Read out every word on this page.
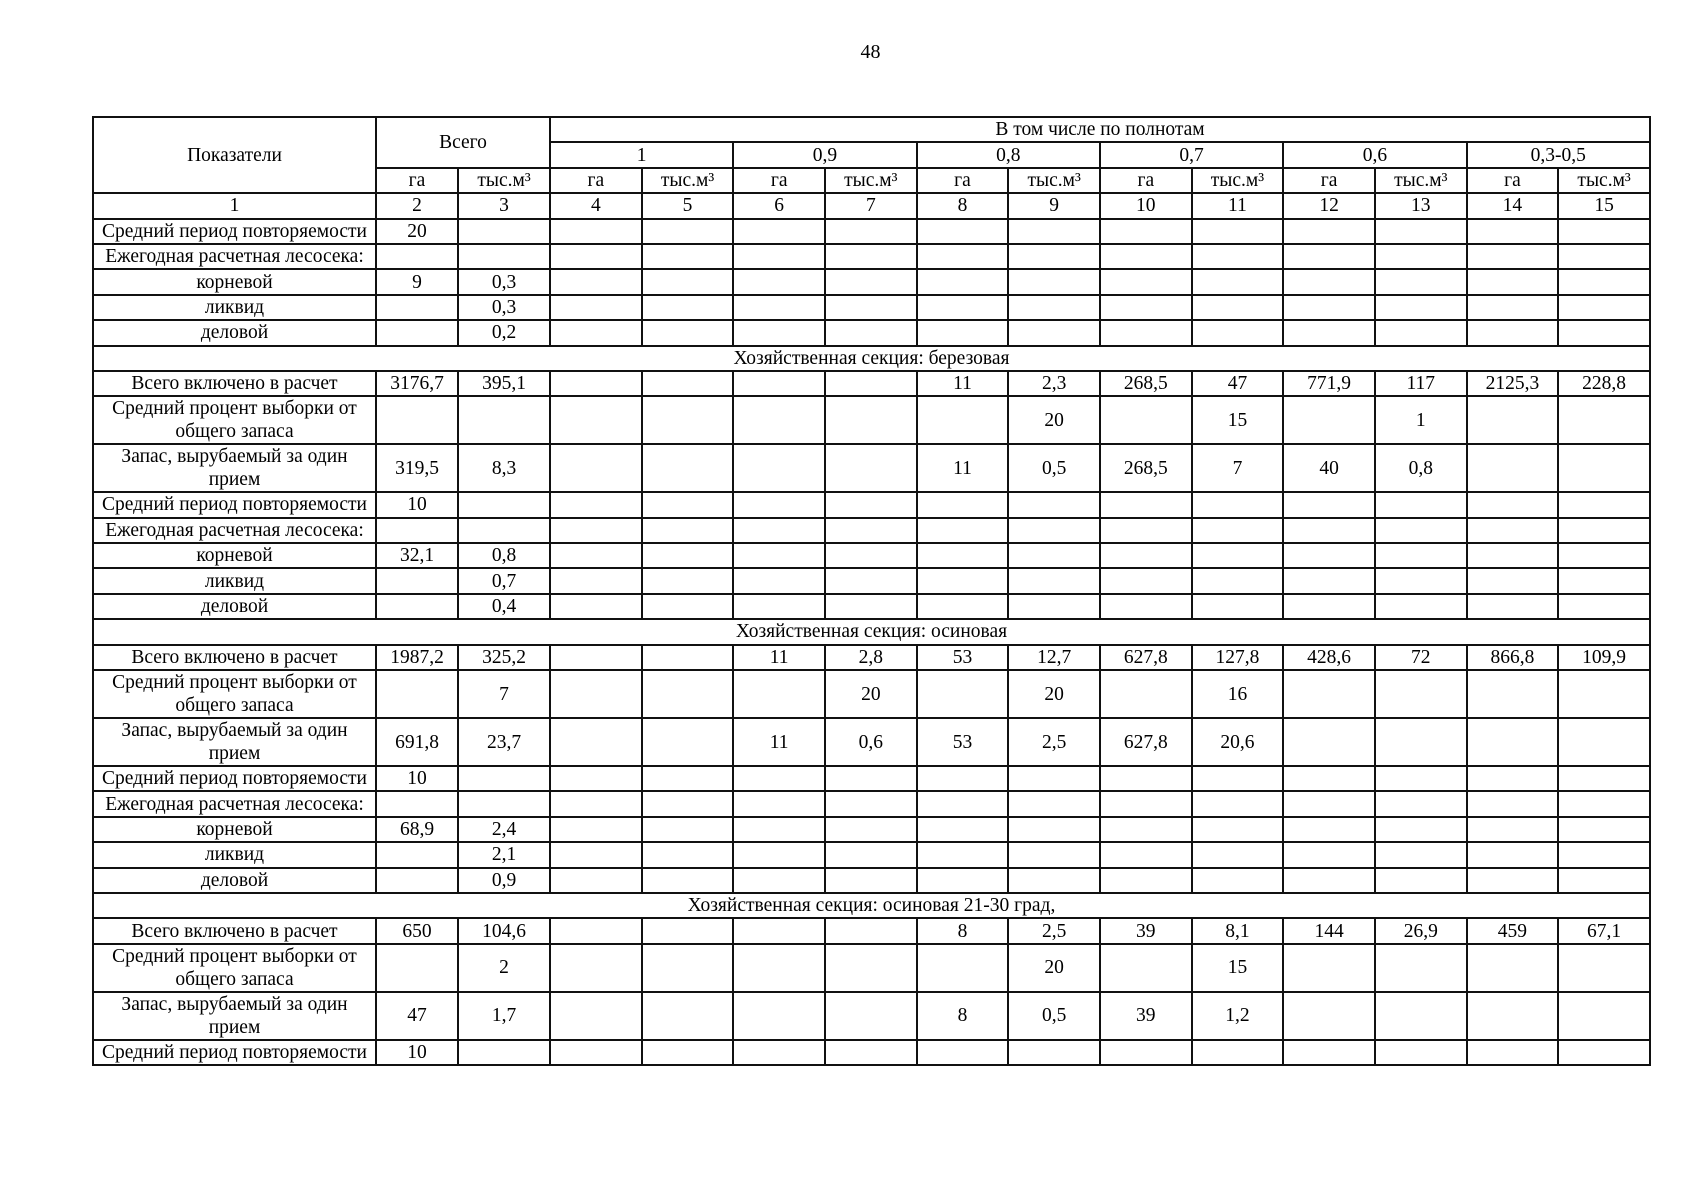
48
Показатели	Всего		В том числе по полнотам											
			1		0,9		0,8		0,7		0,6		0,3-0,5	
	га	тыс.м³	га	тыс.м³	га	тыс.м³	га	тыс.м³	га	тыс.м³	га	тыс.м³	га	тыс.м³
1	2	3	4	5	6	7	8	9	10	11	12	13	14	15
Средний период повторяемости	20													
Ежегодная расчетная лесосека:														
корневой	9	0,3												
ликвид		0,3												
деловой		0,2												
Хозяйственная секция: березовая														
Всего включено в расчет	3176,7	395,1					11	2,3	268,5	47	771,9	117	2125,3	228,8
Средний процент выборки от общего запаса								20		15		1		
Запас, вырубаемый за один прием	319,5	8,3					11	0,5	268,5	7	40	0,8		
Средний период повторяемости	10													
Ежегодная расчетная лесосека:														
корневой	32,1	0,8												
ликвид		0,7												
деловой		0,4												
Хозяйственная секция: осиновая														
Всего включено в расчет	1987,2	325,2			11	2,8	53	12,7	627,8	127,8	428,6	72	866,8	109,9
Средний процент выборки от общего запаса		7				20		20		16				
Запас, вырубаемый за один прием	691,8	23,7			11	0,6	53	2,5	627,8	20,6				
Средний период повторяемости	10													
Ежегодная расчетная лесосека:														
корневой	68,9	2,4												
ликвид		2,1												
деловой		0,9												
Хозяйственная секция: осиновая 21-30 град,														
Всего включено в расчет	650	104,6					8	2,5	39	8,1	144	26,9	459	67,1
Средний процент выборки от общего запаса		2						20		15				
Запас, вырубаемый за один прием	47	1,7					8	0,5	39	1,2				
Средний период повторяемости	10													
